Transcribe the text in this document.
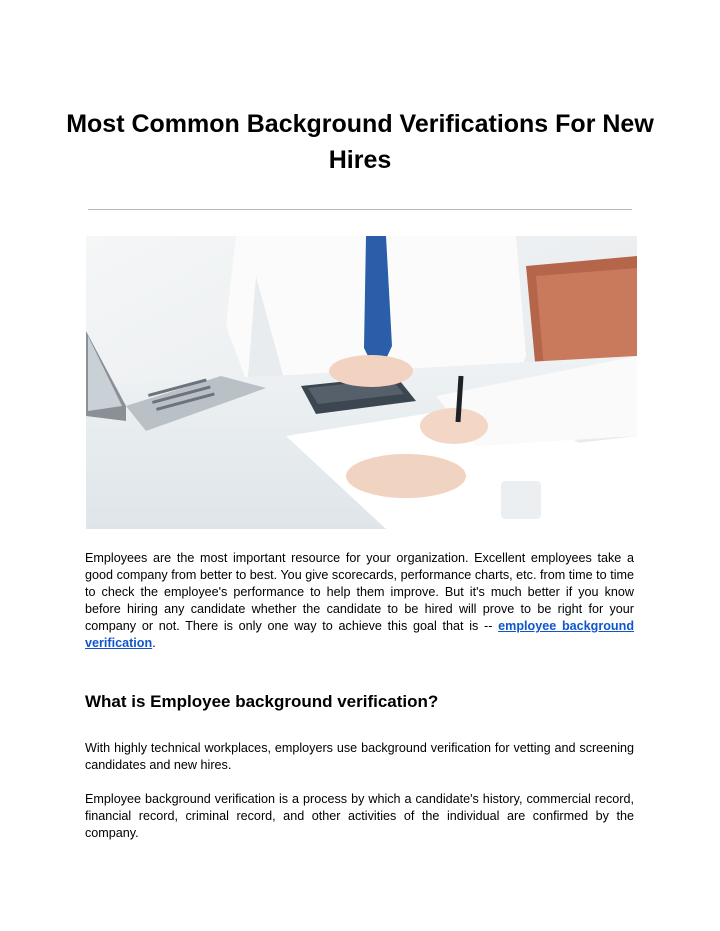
Most Common Background Verifications For New Hires

Employees are the most important resource for your organization. Excellent employees take a good company from better to best. You give scorecards, performance charts, etc. from time to time to check the employee's performance to help them improve. But it's much better if you know before hiring any candidate whether the candidate to be hired will prove to be right for your company or not. There is only one way to achieve this goal that is -- employee background verification.

What is Employee background verification?

With highly technical workplaces, employers use background verification for vetting and screening candidates and new hires.

Employee background verification is a process by which a candidate's history, commercial record, financial record, criminal record, and other activities of the individual are confirmed by the company.
